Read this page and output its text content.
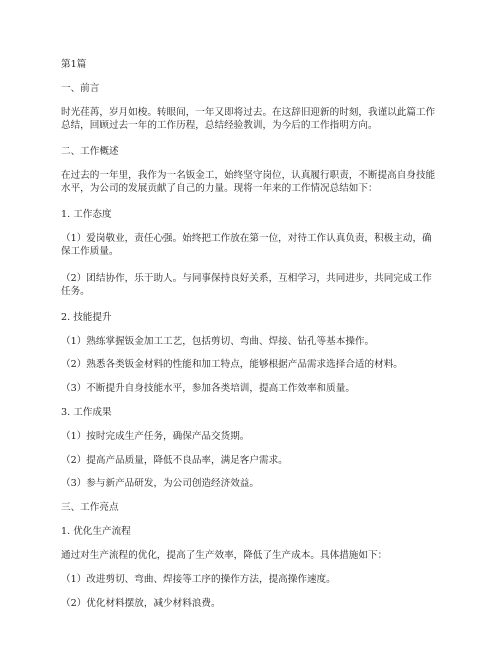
第1篇
一、前言
时光荏苒，岁月如梭。转眼间，一年又即将过去。在这辞旧迎新的时刻，我谨以此篇工作总结，回顾过去一年的工作历程，总结经验教训，为今后的工作指明方向。
二、工作概述
在过去的一年里，我作为一名钣金工，始终坚守岗位，认真履行职责，不断提高自身技能水平，为公司的发展贡献了自己的力量。现将一年来的工作情况总结如下：
1. 工作态度
（1）爱岗敬业，责任心强。始终把工作放在第一位，对待工作认真负责，积极主动，确保工作质量。
（2）团结协作，乐于助人。与同事保持良好关系，互相学习，共同进步，共同完成工作任务。
2. 技能提升
（1）熟练掌握钣金加工工艺，包括剪切、弯曲、焊接、钻孔等基本操作。
（2）熟悉各类钣金材料的性能和加工特点，能够根据产品需求选择合适的材料。
（3）不断提升自身技能水平，参加各类培训，提高工作效率和质量。
3. 工作成果
（1）按时完成生产任务，确保产品交货期。
（2）提高产品质量，降低不良品率，满足客户需求。
（3）参与新产品研发，为公司创造经济效益。
三、工作亮点
1. 优化生产流程
通过对生产流程的优化，提高了生产效率，降低了生产成本。具体措施如下：
（1）改进剪切、弯曲、焊接等工序的操作方法，提高操作速度。
（2）优化材料摆放，减少材料浪费。
